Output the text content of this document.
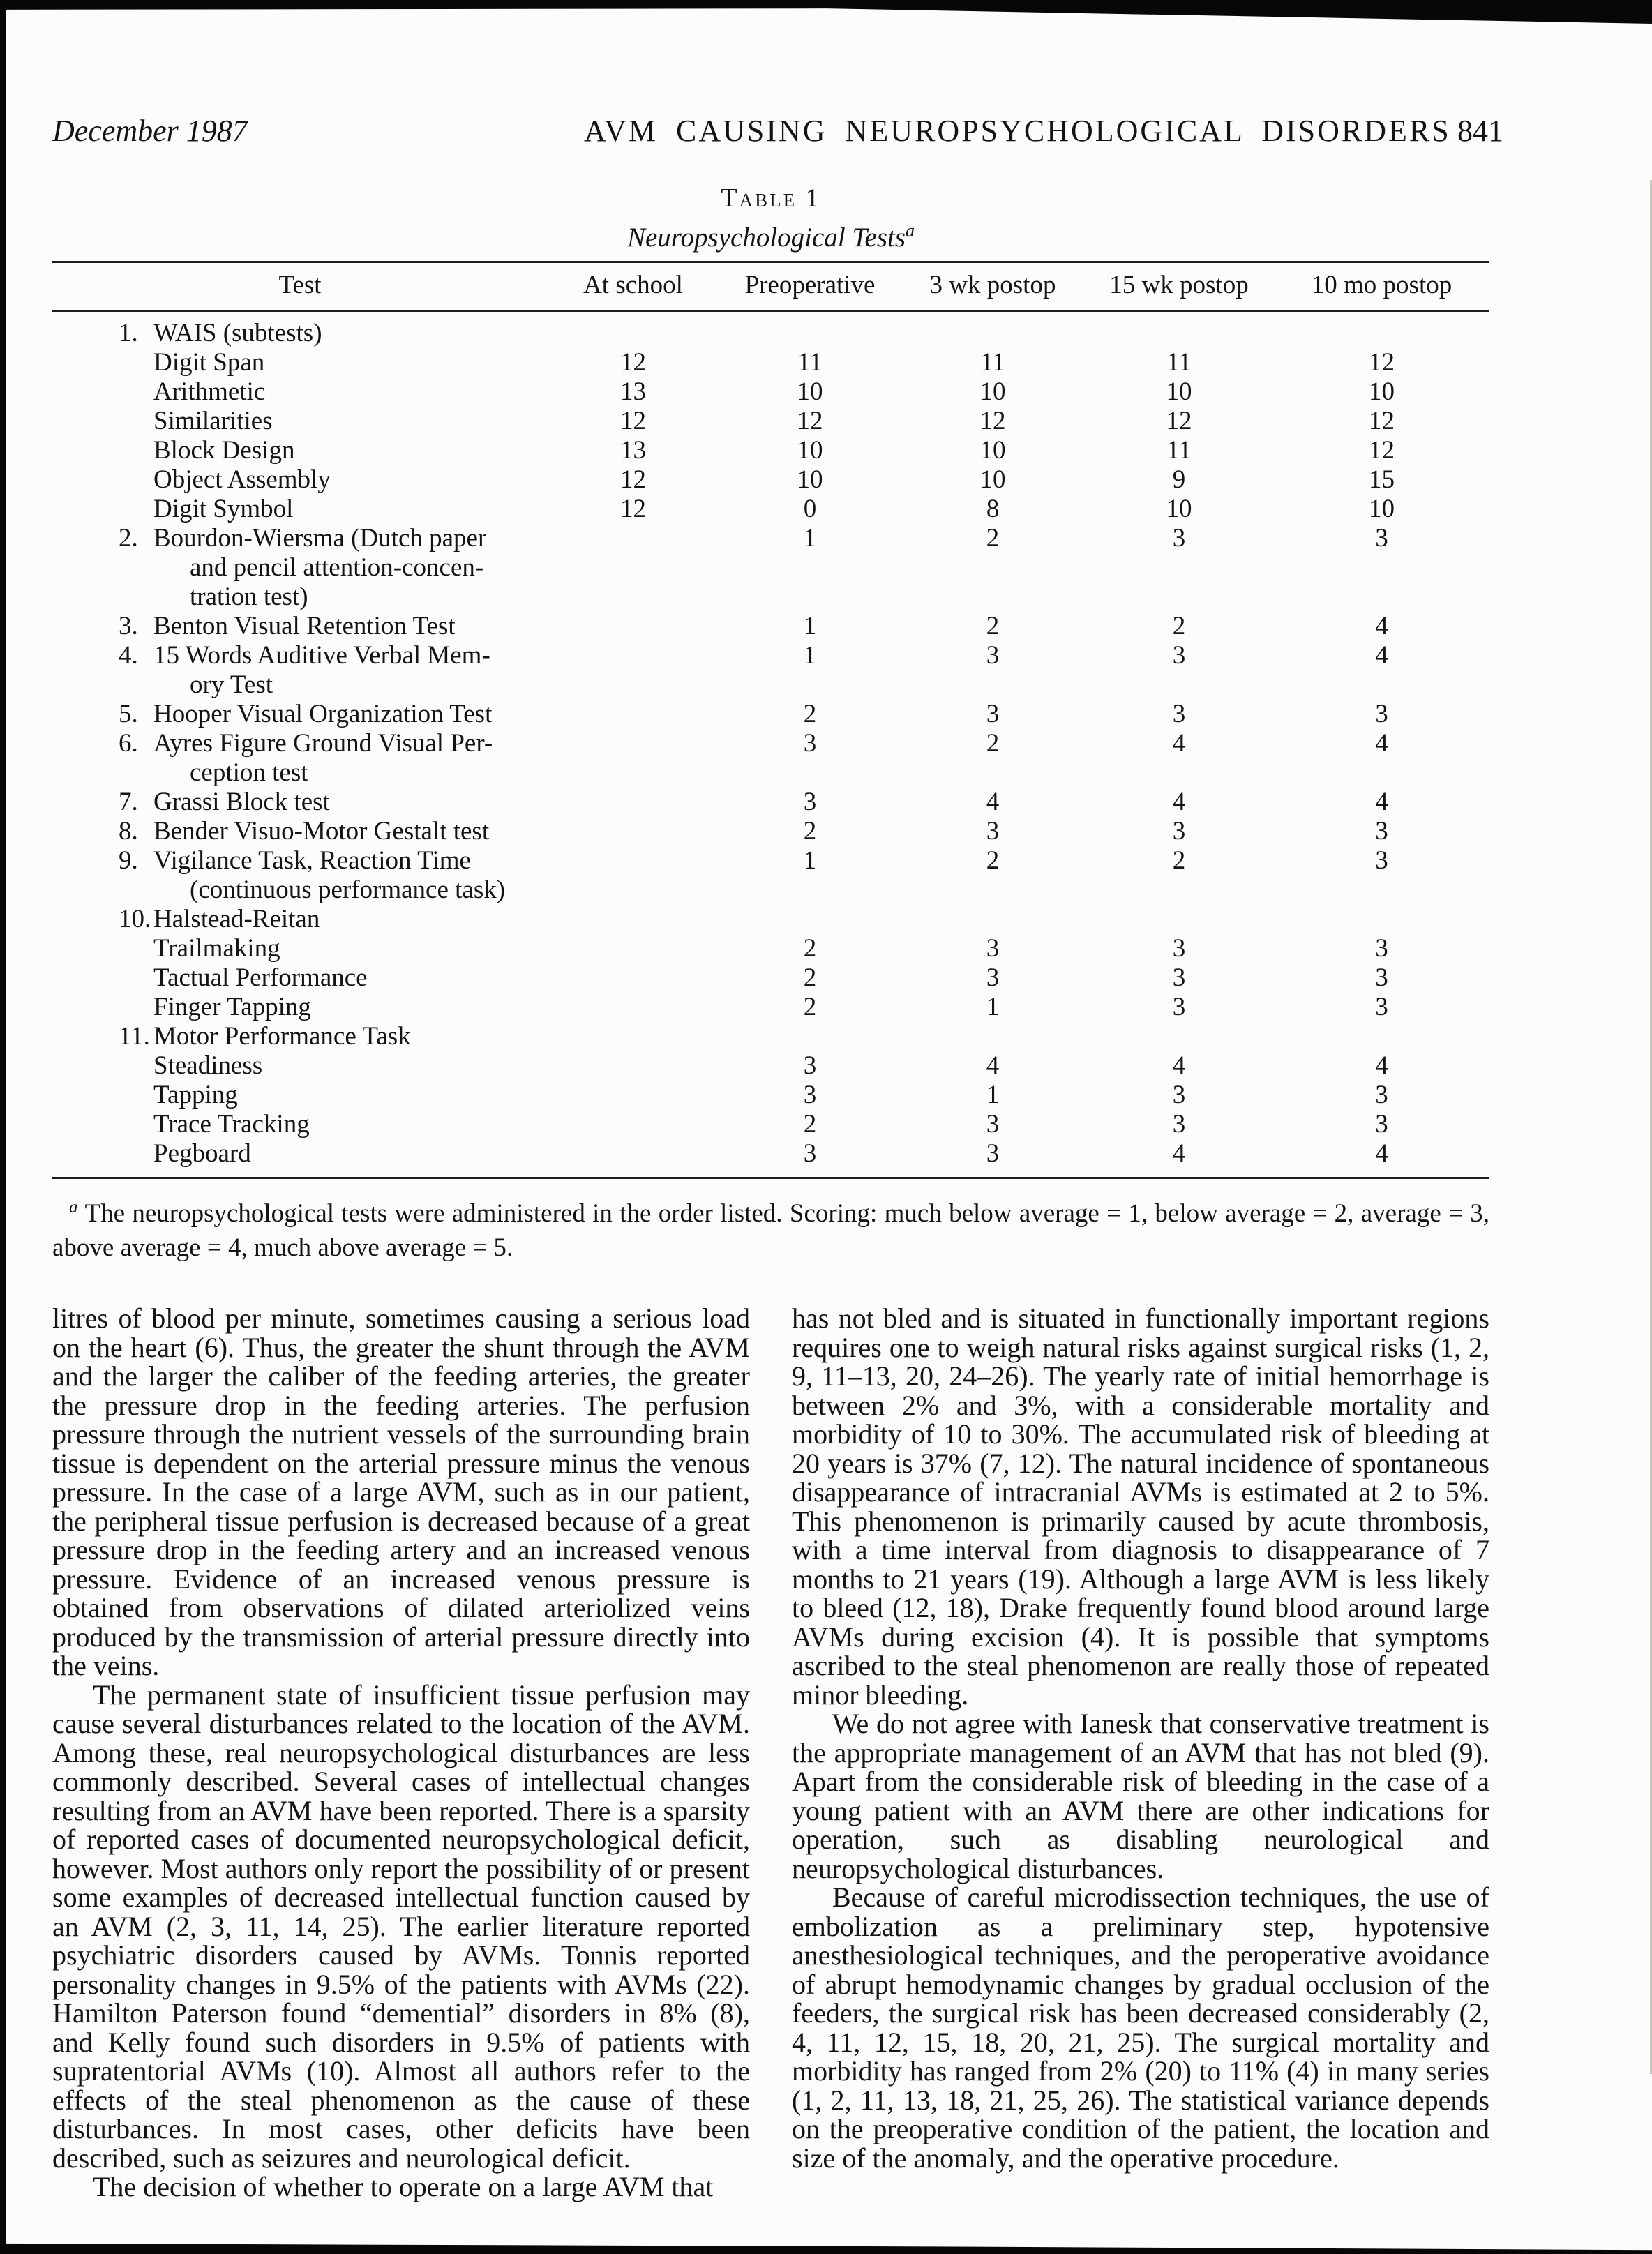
December 1987	AVM CAUSING NEUROPSYCHOLOGICAL DISORDERS 841
Table 1
Neuropsychological Tests$^a$
Test		At school	Preoperative	3 wk postop	15 wk postop	10 mo postop
1.	WAIS (subtests)					

	Digit Span	12	11	11	11	12

	Arithmetic	13	10	10	10	10

	Similarities	12	12	12	12	12

	Block Design	13	10	10	11	12

	Object Assembly	12	10	10	9	15

	Digit Symbol	12	0	8	10	10
2.	Bourdon-Wiersma (Dutch paper
and pencil attention-concen-
tration test)		1	2	3	3
3.	Benton Visual Retention Test		1	2	2	4
4.	15 Words Auditive Verbal Mem-
ory Test		1	3	3	4
5.	Hooper Visual Organization Test		2	3	3	3
6.	Ayres Figure Ground Visual Per-
ception test		3	2	4	4
7.	Grassi Block test		3	4	4	4
8.	Bender Visuo-Motor Gestalt test		2	3	3	3
9.	Vigilance Task, Reaction Time
(continuous performance task)		1	2	2	3
10.	Halstead-Reitan					

	Trailmaking		2	3	3	3

	Tactual Performance		2	3	3	3

	Finger Tapping		2	1	3	3
11.	Motor Performance Task					

	Steadiness		3	4	4	4

	Tapping		3	1	3	3

	Trace Tracking		2	3	3	3

	Pegboard		3	3	4	4

$^a$ The neuropsychological tests were administered in the order listed. Scoring: much below average = 1, below average = 2, average = 3, above average = 4, much above average = 5.

litres of blood per minute, sometimes causing a serious load on the heart (6). Thus, the greater the shunt through the AVM and the larger the caliber of the feeding arteries, the greater the pressure drop in the feeding arteries. The perfusion pressure through the nutrient vessels of the surrounding brain tissue is dependent on the arterial pressure minus the venous pressure. In the case of a large AVM, such as in our patient, the peripheral tissue perfusion is decreased because of a great pressure drop in the feeding artery and an increased venous pressure. Evidence of an increased venous pressure is obtained from observations of dilated arteriolized veins produced by the transmission of arterial pressure directly into the veins.

The permanent state of insufficient tissue perfusion may cause several disturbances related to the location of the AVM. Among these, real neuropsychological disturbances are less commonly described. Several cases of intellectual changes resulting from an AVM have been reported. There is a sparsity of reported cases of documented neuropsychological deficit, however. Most authors only report the possibility of or present some examples of decreased intellectual function caused by an AVM (2, 3, 11, 14, 25). The earlier literature reported psychiatric disorders caused by AVMs. Tonnis reported personality changes in 9.5% of the patients with AVMs (22). Hamilton Paterson found “demential” disorders in 8% (8), and Kelly found such disorders in 9.5% of patients with supratentorial AVMs (10). Almost all authors refer to the effects of the steal phenomenon as the cause of these disturbances. In most cases, other deficits have been described, such as seizures and neurological deficit.

The decision of whether to operate on a large AVM that

has not bled and is situated in functionally important regions requires one to weigh natural risks against surgical risks (1, 2, 9, 11–13, 20, 24–26). The yearly rate of initial hemorrhage is between 2% and 3%, with a considerable mortality and morbidity of 10 to 30%. The accumulated risk of bleeding at 20 years is 37% (7, 12). The natural incidence of spontaneous disappearance of intracranial AVMs is estimated at 2 to 5%. This phenomenon is primarily caused by acute thrombosis, with a time interval from diagnosis to disappearance of 7 months to 21 years (19). Although a large AVM is less likely to bleed (12, 18), Drake frequently found blood around large AVMs during excision (4). It is possible that symptoms ascribed to the steal phenomenon are really those of repeated minor bleeding.

We do not agree with Ianesk that conservative treatment is the appropriate management of an AVM that has not bled (9). Apart from the considerable risk of bleeding in the case of a young patient with an AVM there are other indications for operation, such as disabling neurological and neuropsychological disturbances.

Because of careful microdissection techniques, the use of embolization as a preliminary step, hypotensive anesthesiological techniques, and the peroperative avoidance of abrupt hemodynamic changes by gradual occlusion of the feeders, the surgical risk has been decreased considerably (2, 4, 11, 12, 15, 18, 20, 21, 25). The surgical mortality and morbidity has ranged from 2% (20) to 11% (4) in many series (1, 2, 11, 13, 18, 21, 25, 26). The statistical variance depends on the preoperative condition of the patient, the location and size of the anomaly, and the operative procedure.
